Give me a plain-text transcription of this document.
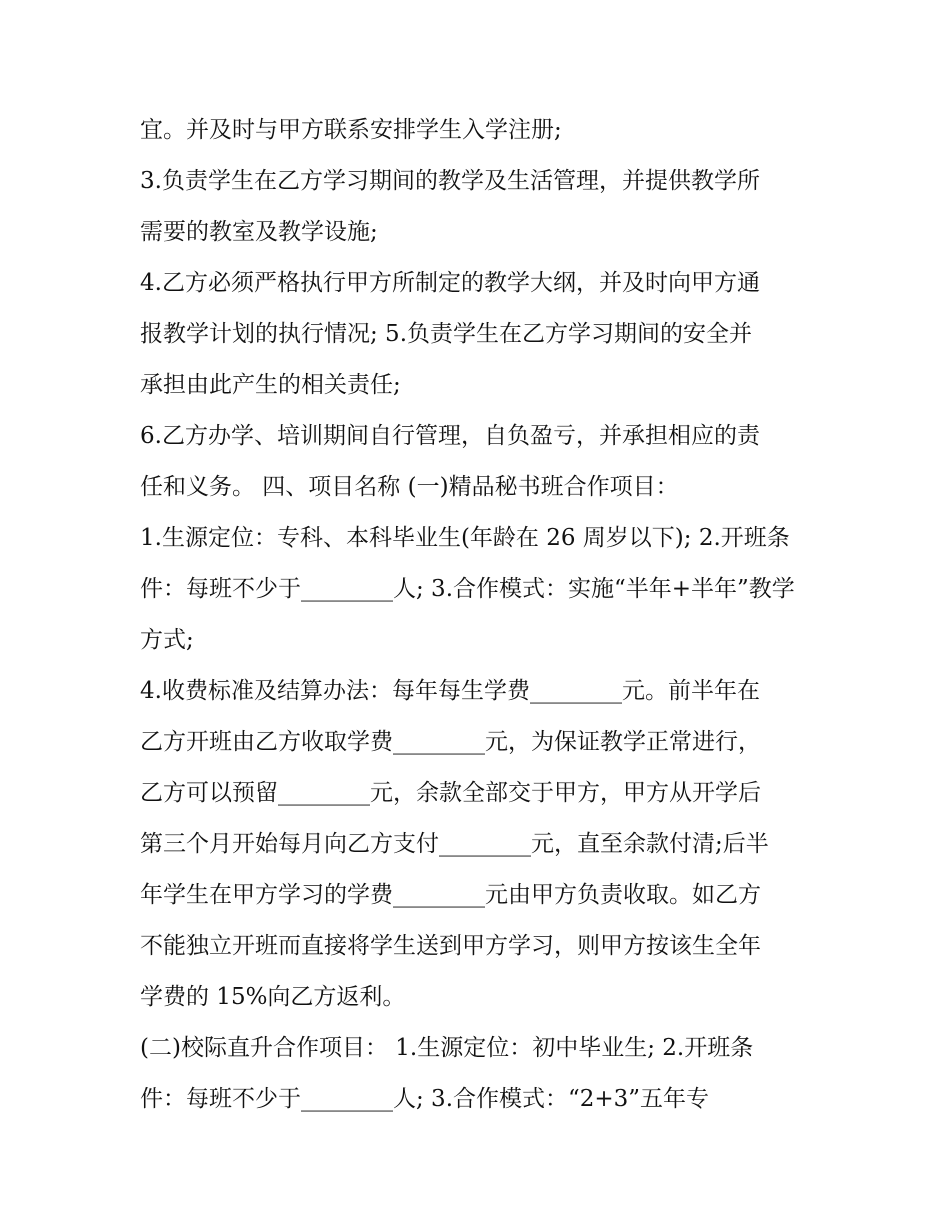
宜。并及时与甲方联系安排学生入学注册;
3.负责学生在乙方学习期间的教学及生活管理，并提供教学所
需要的教室及教学设施;
4.乙方必须严格执行甲方所制定的教学大纲，并及时向甲方通
报教学计划的执行情况; 5.负责学生在乙方学习期间的安全并
承担由此产生的相关责任;
6.乙方办学、培训期间自行管理，自负盈亏，并承担相应的责
任和义务。 四、项目名称 (一)精品秘书班合作项目：
1.生源定位：专科、本科毕业生(年龄在 26 周岁以下); 2.开班条
件：每班不少于________人; 3.合作模式：实施“半年+半年”教学
方式;
4.收费标准及结算办法：每年每生学费________元。前半年在
乙方开班由乙方收取学费________元，为保证教学正常进行，
乙方可以预留________元，余款全部交于甲方，甲方从开学后
第三个月开始每月向乙方支付________元，直至余款付清;后半
年学生在甲方学习的学费________元由甲方负责收取。如乙方
不能独立开班而直接将学生送到甲方学习，则甲方按该生全年
学费的 15%向乙方返利。
(二)校际直升合作项目： 1.生源定位：初中毕业生; 2.开班条
件：每班不少于________人; 3.合作模式：“2+3”五年专
